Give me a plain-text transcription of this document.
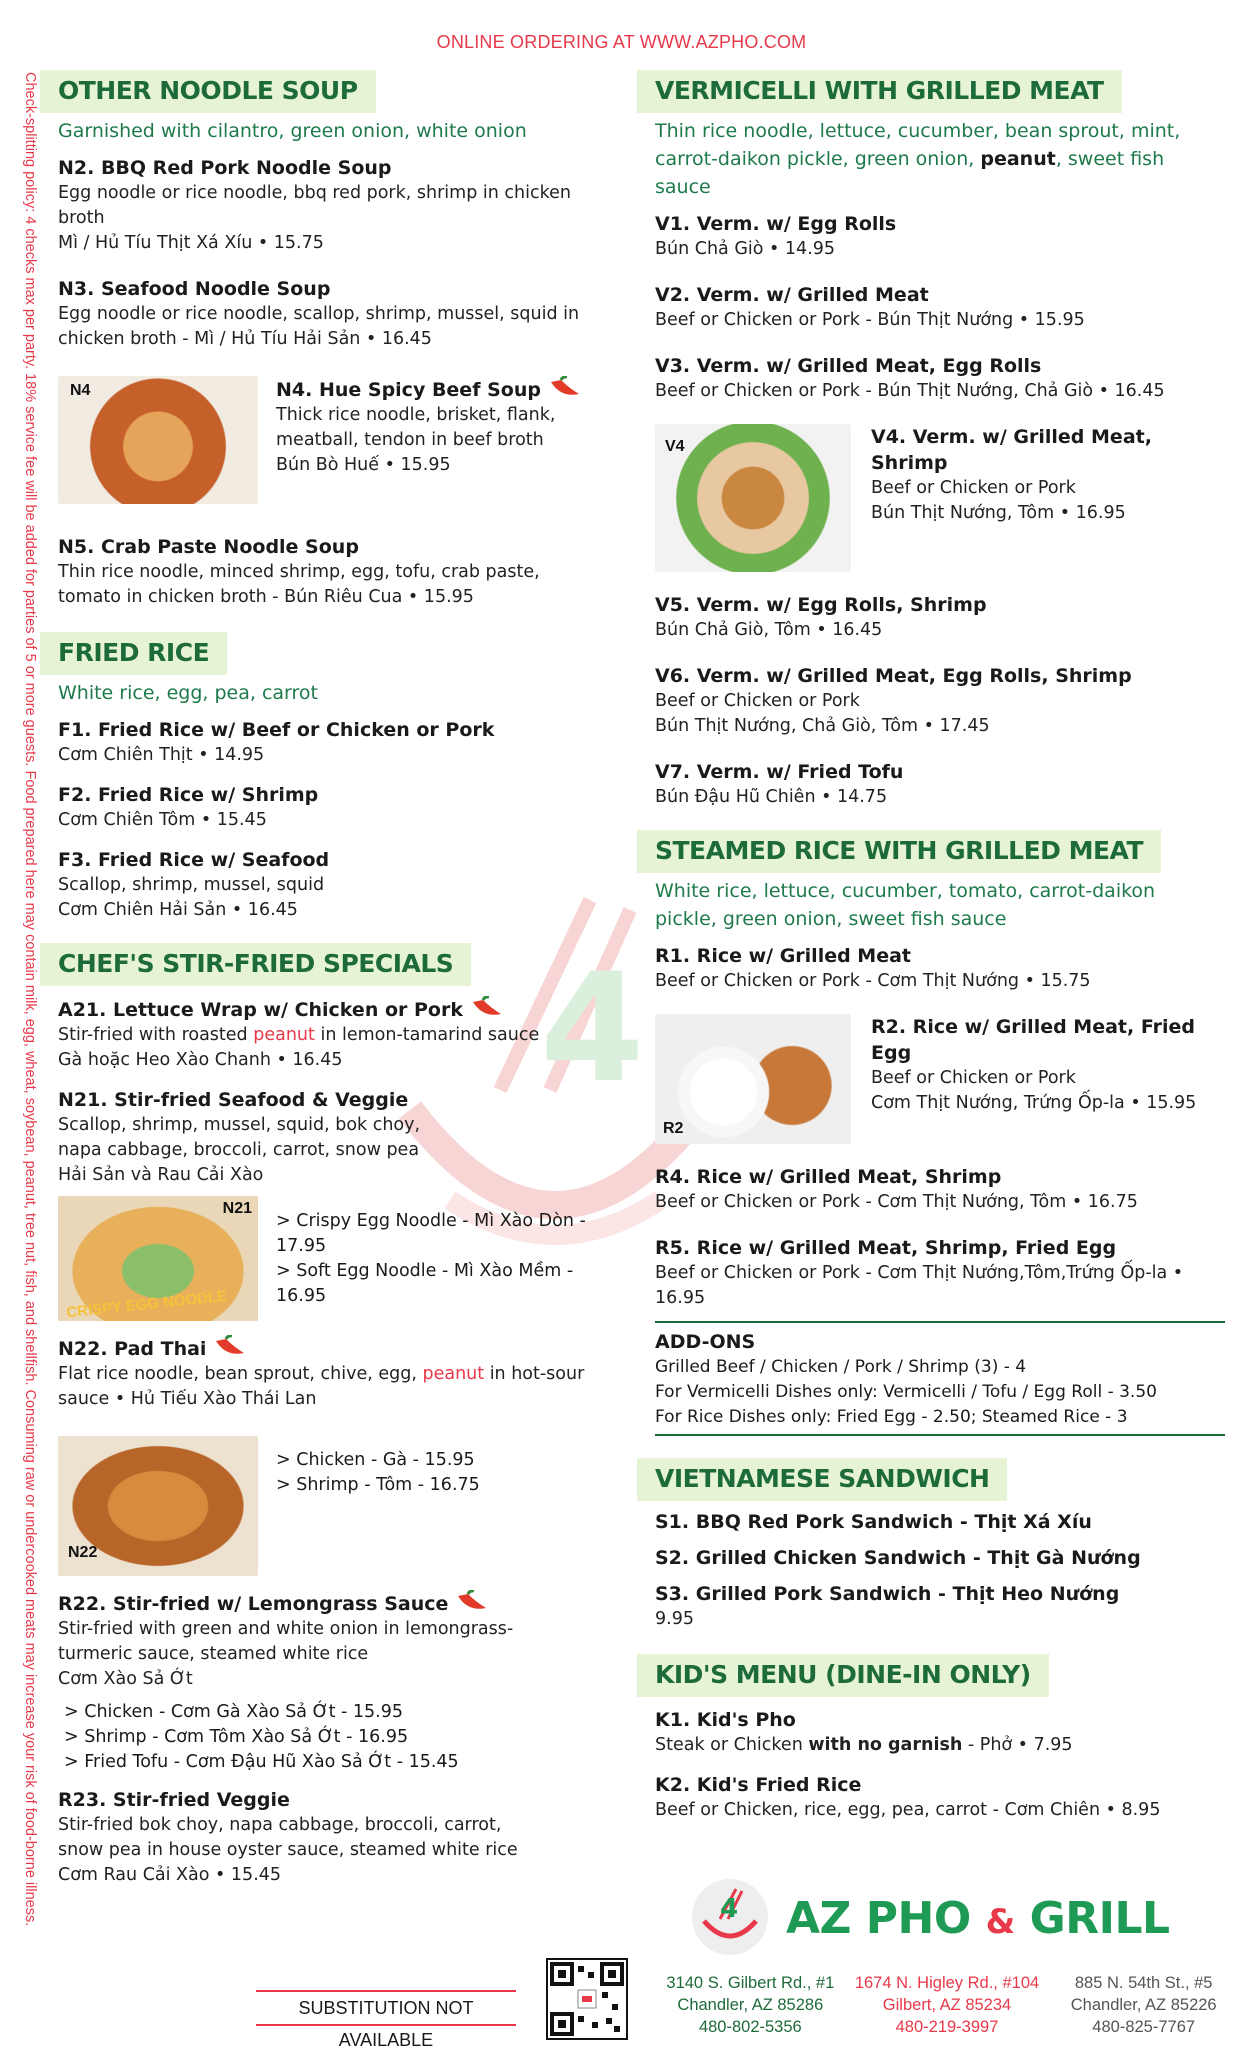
ONLINE ORDERING AT WWW.AZPHO.COM
Check-splitting policy: 4 checks max per party. 18% service fee will be added for parties of 5 or more guests. Food prepared here may contain milk, egg, wheat, soybean, peanut, tree nut, fish, and shellfish. Consuming raw or undercooked meats may increase your risk of food-borne illness.	4
OTHER NOODLE SOUP
Garnished with cilantro, green onion, white onion
N2. BBQ Red Pork Noodle Soup
Egg noodle or rice noodle, bbq red pork, shrimp in chicken broth
Mì / Hủ Tíu Thịt Xá Xíu • 15.75
N3. Seafood Noodle Soup
Egg noodle or rice noodle, scallop, shrimp, mussel, squid in
chicken broth - Mì / Hủ Tíu Hải Sản • 16.45
N4	N4. Hue Spicy Beef Soup
Thick rice noodle, brisket, flank,
meatball, tendon in beef broth
Bún Bò Huế • 15.95
N5. Crab Paste Noodle Soup
Thin rice noodle, minced shrimp, egg, tofu, crab paste,
tomato in chicken broth - Bún Riêu Cua • 15.95
FRIED RICE
White rice, egg, pea, carrot
F1. Fried Rice w/ Beef or Chicken or Pork
Cơm Chiên Thịt • 14.95
F2. Fried Rice w/ Shrimp
Cơm Chiên Tôm • 15.45
F3. Fried Rice w/ Seafood
Scallop, shrimp, mussel, squid
Cơm Chiên Hải Sản • 16.45
CHEF'S STIR-FRIED SPECIALS
A21. Lettuce Wrap w/ Chicken or Pork
Stir-fried with roasted peanut in lemon-tamarind sauce
Gà hoặc Heo Xào Chanh • 16.45
N21. Stir-fried Seafood & Veggie
Scallop, shrimp, mussel, squid, bok choy,
napa cabbage, broccoli, carrot, snow pea
Hải Sản và Rau Cải Xào
N21
CRISPY EGG NOODLE
> Crispy Egg Noodle - Mì Xào Dòn - 17.95
> Soft Egg Noodle - Mì Xào Mềm - 16.95
N22. Pad Thai
Flat rice noodle, bean sprout, chive, egg, peanut in hot-sour
sauce • Hủ Tiếu Xào Thái Lan
N22
> Chicken - Gà - 15.95
> Shrimp - Tôm - 16.75
R22. Stir-fried w/ Lemongrass Sauce
Stir-fried with green and white onion in lemongrass-
turmeric sauce, steamed white rice
Cơm Xào Sả Ớt
> Chicken - Cơm Gà Xào Sả Ớt - 15.95
> Shrimp - Cơm Tôm Xào Sả Ớt - 16.95
> Fried Tofu - Cơm Đậu Hũ Xào Sả Ớt - 15.45
R23. Stir-fried Veggie
Stir-fried bok choy, napa cabbage, broccoli, carrot,
snow pea in house oyster sauce, steamed white rice
Cơm Rau Cải Xào • 15.45
VERMICELLI WITH GRILLED MEAT
Thin rice noodle, lettuce, cucumber, bean sprout, mint,
carrot-daikon pickle, green onion, peanut, sweet fish sauce
V1. Verm. w/ Egg Rolls
Bún Chả Giò • 14.95
V2. Verm. w/ Grilled Meat
Beef or Chicken or Pork - Bún Thịt Nướng • 15.95
V3. Verm. w/ Grilled Meat, Egg Rolls
Beef or Chicken or Pork - Bún Thịt Nướng, Chả Giò • 16.45
V4	V4. Verm. w/ Grilled Meat, Shrimp
Beef or Chicken or Pork
Bún Thịt Nướng, Tôm • 16.95
V5. Verm. w/ Egg Rolls, Shrimp
Bún Chả Giò, Tôm • 16.45
V6. Verm. w/ Grilled Meat, Egg Rolls, Shrimp
Beef or Chicken or Pork
Bún Thịt Nướng, Chả Giò, Tôm • 17.45
V7. Verm. w/ Fried Tofu
Bún Đậu Hũ Chiên • 14.75
STEAMED RICE WITH GRILLED MEAT
White rice, lettuce, cucumber, tomato, carrot-daikon
pickle, green onion, sweet fish sauce
R1. Rice w/ Grilled Meat
Beef or Chicken or Pork - Cơm Thịt Nướng • 15.75
R2
R2. Rice w/ Grilled Meat, Fried Egg
Beef or Chicken or Pork
Cơm Thịt Nướng, Trứng Ốp-la • 15.95
R4. Rice w/ Grilled Meat, Shrimp
Beef or Chicken or Pork - Cơm Thịt Nướng, Tôm • 16.75
R5. Rice w/ Grilled Meat, Shrimp, Fried Egg
Beef or Chicken or Pork - Cơm Thịt Nướng,Tôm,Trứng Ốp-la • 16.95
ADD-ONS
Grilled Beef / Chicken / Pork / Shrimp (3) - 4
For Vermicelli Dishes only: Vermicelli / Tofu / Egg Roll - 3.50
For Rice Dishes only: Fried Egg - 2.50; Steamed Rice - 3
VIETNAMESE SANDWICH
S1. BBQ Red Pork Sandwich - Thịt Xá Xíu
S2. Grilled Chicken Sandwich - Thịt Gà Nướng
S3. Grilled Pork Sandwich - Thịt Heo Nướng
9.95
KID'S MENU (DINE-IN ONLY)
K1. Kid's Pho
Steak or Chicken with no garnish - Phở • 7.95
K2. Kid's Fried Rice
Beef or Chicken, rice, egg, pea, carrot - Cơm Chiên • 8.95
4 AZ PHO & GRILL
3140 S. Gilbert Rd., #1
Chandler, AZ 85286
480-802-5356
1674 N. Higley Rd., #104
Gilbert, AZ 85234
480-219-3997
885 N. 54th St., #5
Chandler, AZ 85226
480-825-7767
SUBSTITUTION NOT AVAILABLE
